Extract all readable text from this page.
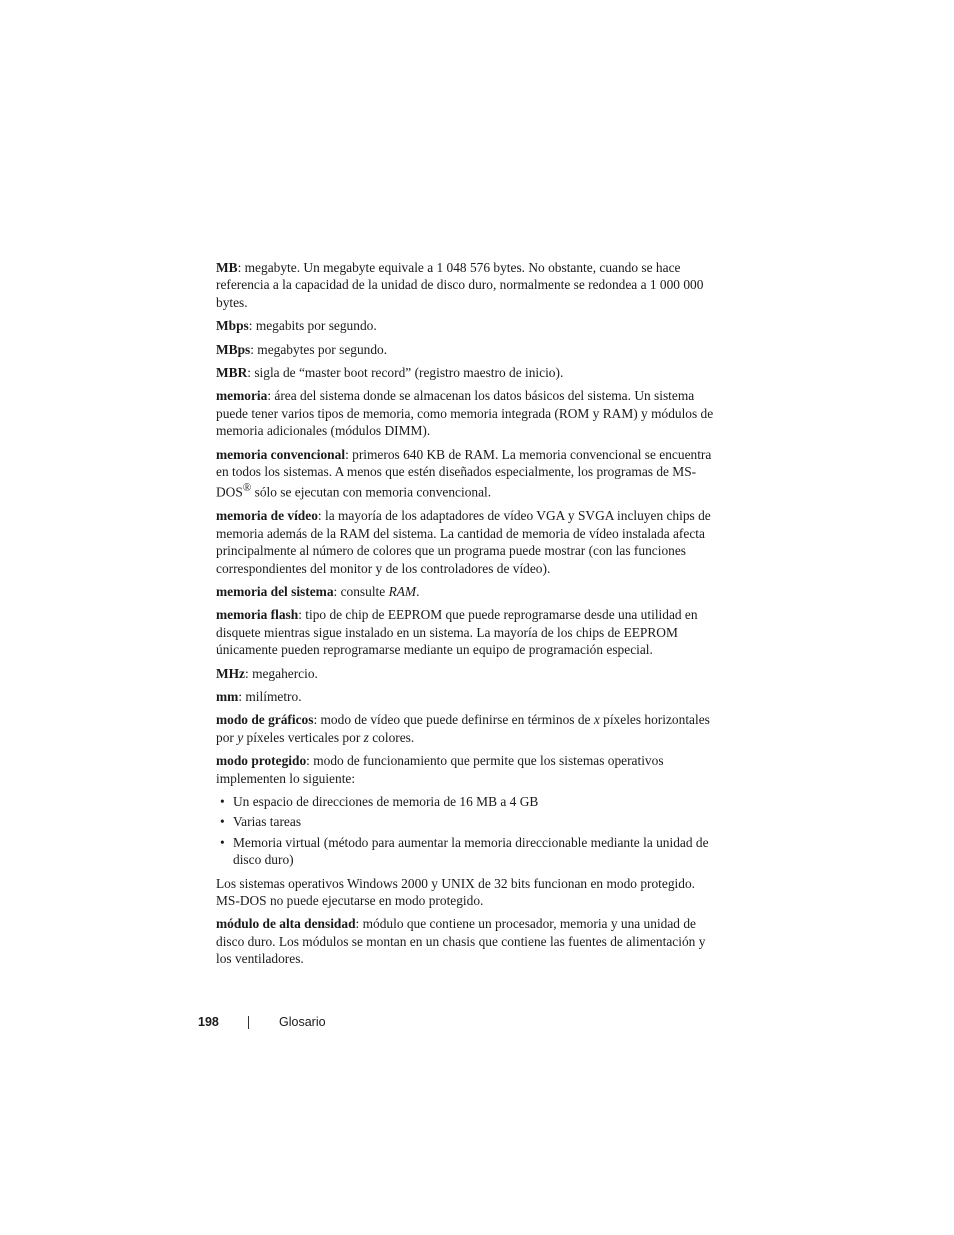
MB: megabyte. Un megabyte equivale a 1 048 576 bytes. No obstante, cuando se hace referencia a la capacidad de la unidad de disco duro, normalmente se redondea a 1 000 000 bytes.

Mbps: megabits por segundo.

MBps: megabytes por segundo.

MBR: sigla de “master boot record” (registro maestro de inicio).

memoria: área del sistema donde se almacenan los datos básicos del sistema. Un sistema puede tener varios tipos de memoria, como memoria integrada (ROM y RAM) y módulos de memoria adicionales (módulos DIMM).

memoria convencional: primeros 640 KB de RAM. La memoria convencional se encuentra en todos los sistemas. A menos que estén diseñados especialmente, los programas de MS-DOS® sólo se ejecutan con memoria convencional.

memoria de vídeo: la mayoría de los adaptadores de vídeo VGA y SVGA incluyen chips de memoria además de la RAM del sistema. La cantidad de memoria de vídeo instalada afecta principalmente al número de colores que un programa puede mostrar (con las funciones correspondientes del monitor y de los controladores de vídeo).

memoria del sistema: consulte RAM.

memoria flash: tipo de chip de EEPROM que puede reprogramarse desde una utilidad en disquete mientras sigue instalado en un sistema. La mayoría de los chips de EEPROM únicamente pueden reprogramarse mediante un equipo de programación especial.

MHz: megahercio.

mm: milímetro.

modo de gráficos: modo de vídeo que puede definirse en términos de x píxeles horizontales por y píxeles verticales por z colores.

modo protegido: modo de funcionamiento que permite que los sistemas operativos implementen lo siguiente:

• Un espacio de direcciones de memoria de 16 MB a 4 GB
• Varias tareas
• Memoria virtual (método para aumentar la memoria direccionable mediante la unidad de disco duro)

Los sistemas operativos Windows 2000 y UNIX de 32 bits funcionan en modo protegido. MS-DOS no puede ejecutarse en modo protegido.

módulo de alta densidad: módulo que contiene un procesador, memoria y una unidad de disco duro. Los módulos se montan en un chasis que contiene las fuentes de alimentación y los ventiladores.

198	Glosario
